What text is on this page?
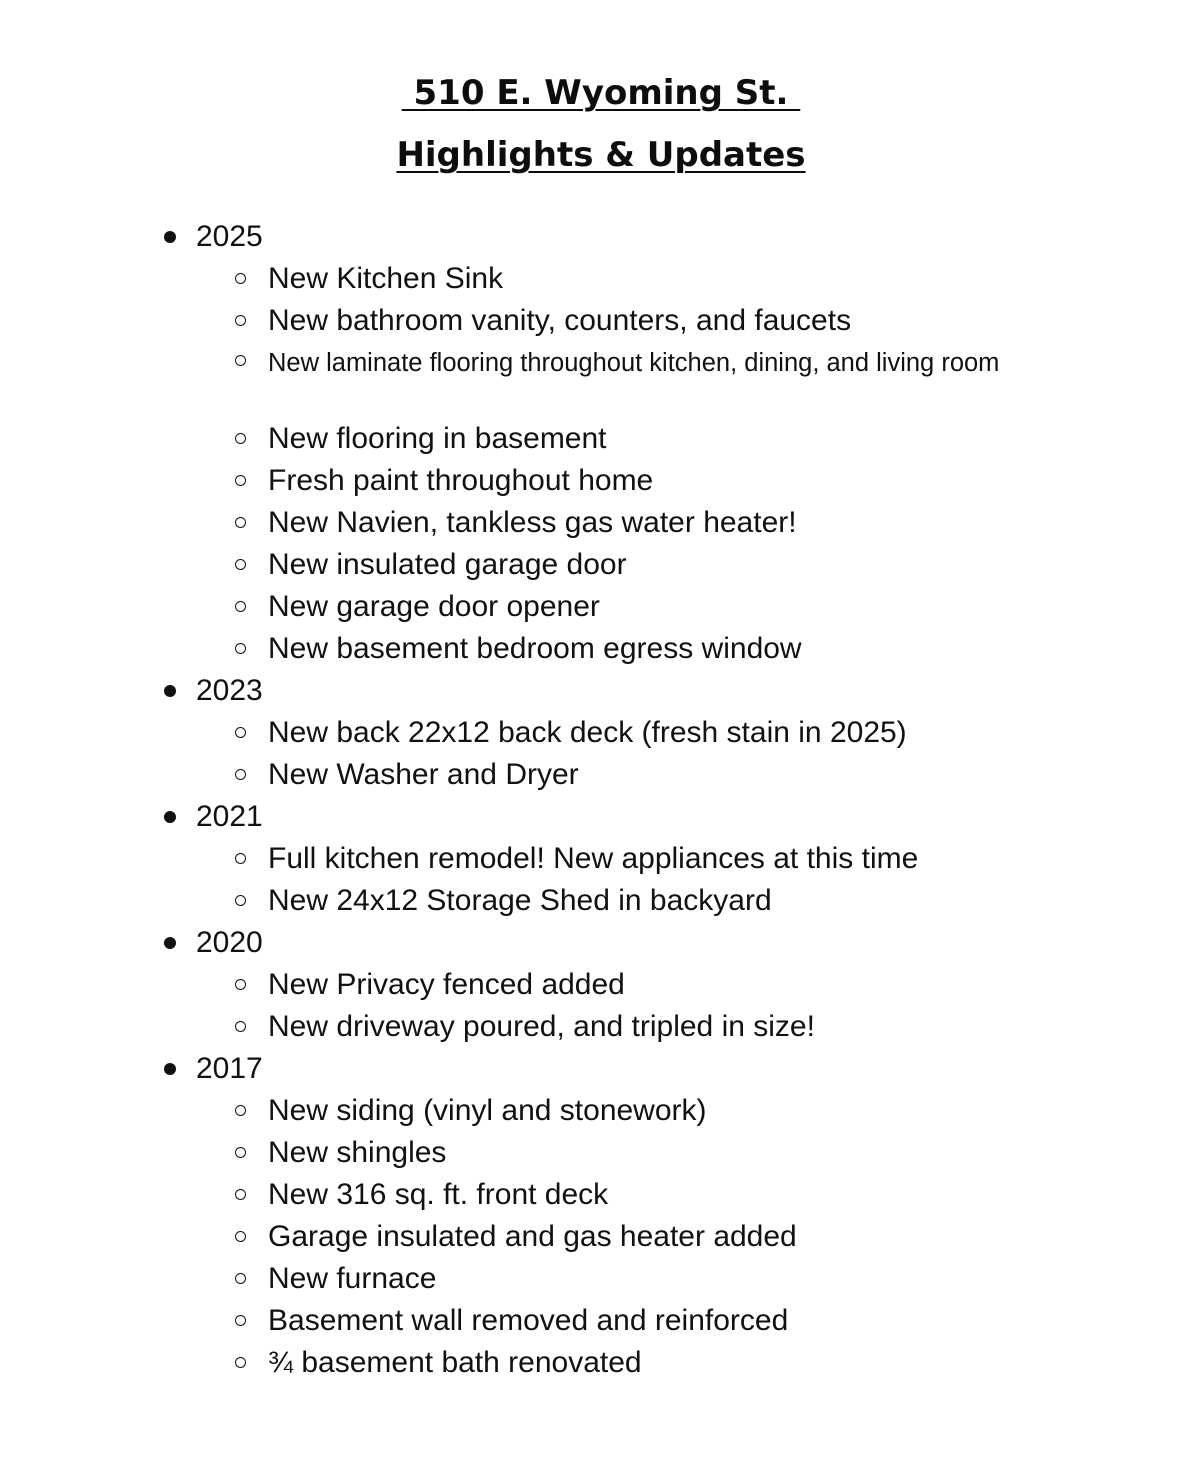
510 E. Wyoming St.
Highlights & Updates
2025
New Kitchen Sink
New bathroom vanity, counters, and faucets
New laminate flooring throughout kitchen, dining, and living room
New flooring in basement
Fresh paint throughout home
New Navien, tankless gas water heater!
New insulated garage door
New garage door opener
New basement bedroom egress window
2023
New back 22x12 back deck (fresh stain in 2025)
New Washer and Dryer
2021
Full kitchen remodel! New appliances at this time
New 24x12 Storage Shed in backyard
2020
New Privacy fenced added
New driveway poured, and tripled in size!
2017
New siding (vinyl and stonework)
New shingles
New 316 sq. ft. front deck
Garage insulated and gas heater added
New furnace
Basement wall removed and reinforced
¾ basement bath renovated
